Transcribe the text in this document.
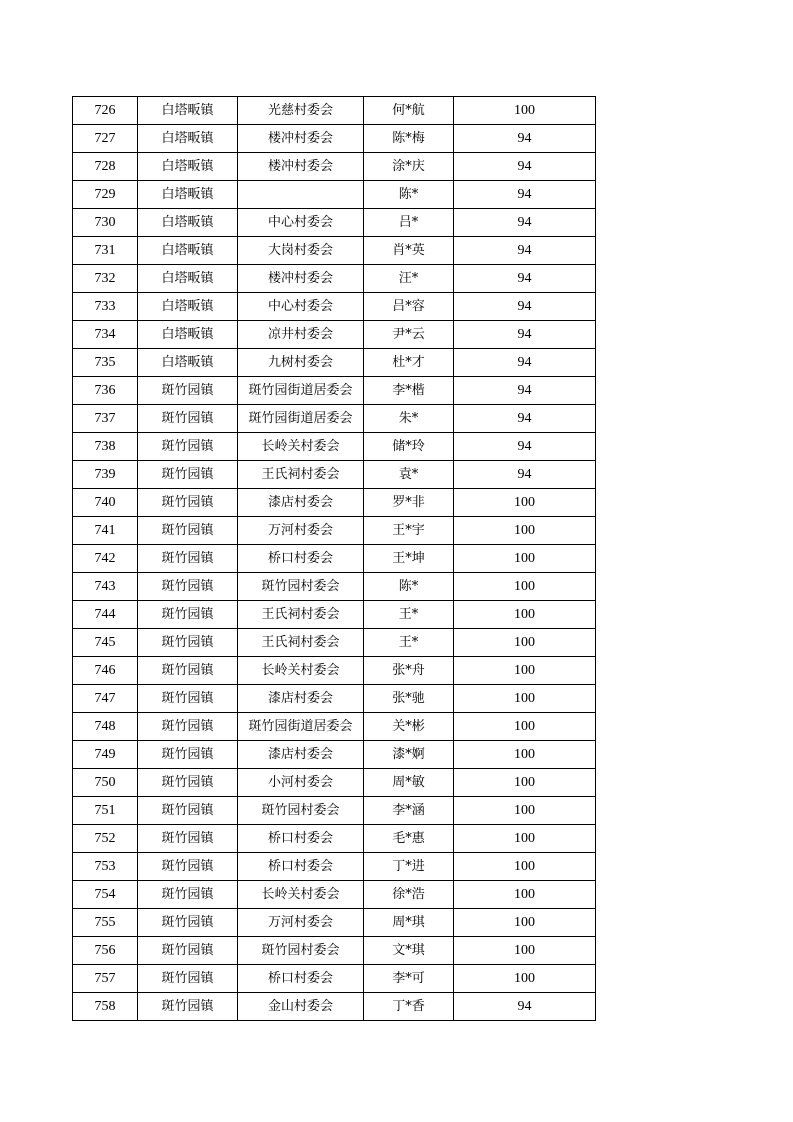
726	白塔畈镇	光慈村委会	何*航	100
727	白塔畈镇	楼冲村委会	陈*梅	94
728	白塔畈镇	楼冲村委会	涂*庆	94
729	白塔畈镇		陈*	94
730	白塔畈镇	中心村委会	吕*	94
731	白塔畈镇	大岗村委会	肖*英	94
732	白塔畈镇	楼冲村委会	汪*	94
733	白塔畈镇	中心村委会	吕*容	94
734	白塔畈镇	凉井村委会	尹*云	94
735	白塔畈镇	九树村委会	杜*才	94
736	斑竹园镇	斑竹园街道居委会	李*楷	94
737	斑竹园镇	斑竹园街道居委会	朱*	94
738	斑竹园镇	长岭关村委会	储*玲	94
739	斑竹园镇	王氏祠村委会	袁*	94
740	斑竹园镇	漆店村委会	罗*非	100
741	斑竹园镇	万河村委会	王*宇	100
742	斑竹园镇	桥口村委会	王*坤	100
743	斑竹园镇	斑竹园村委会	陈*	100
744	斑竹园镇	王氏祠村委会	王*	100
745	斑竹园镇	王氏祠村委会	王*	100
746	斑竹园镇	长岭关村委会	张*舟	100
747	斑竹园镇	漆店村委会	张*驰	100
748	斑竹园镇	斑竹园街道居委会	关*彬	100
749	斑竹园镇	漆店村委会	漆*婀	100
750	斑竹园镇	小河村委会	周*敏	100
751	斑竹园镇	斑竹园村委会	李*涵	100
752	斑竹园镇	桥口村委会	毛*惠	100
753	斑竹园镇	桥口村委会	丁*进	100
754	斑竹园镇	长岭关村委会	徐*浩	100
755	斑竹园镇	万河村委会	周*琪	100
756	斑竹园镇	斑竹园村委会	文*琪	100
757	斑竹园镇	桥口村委会	李*可	100
758	斑竹园镇	金山村委会	丁*香	94
